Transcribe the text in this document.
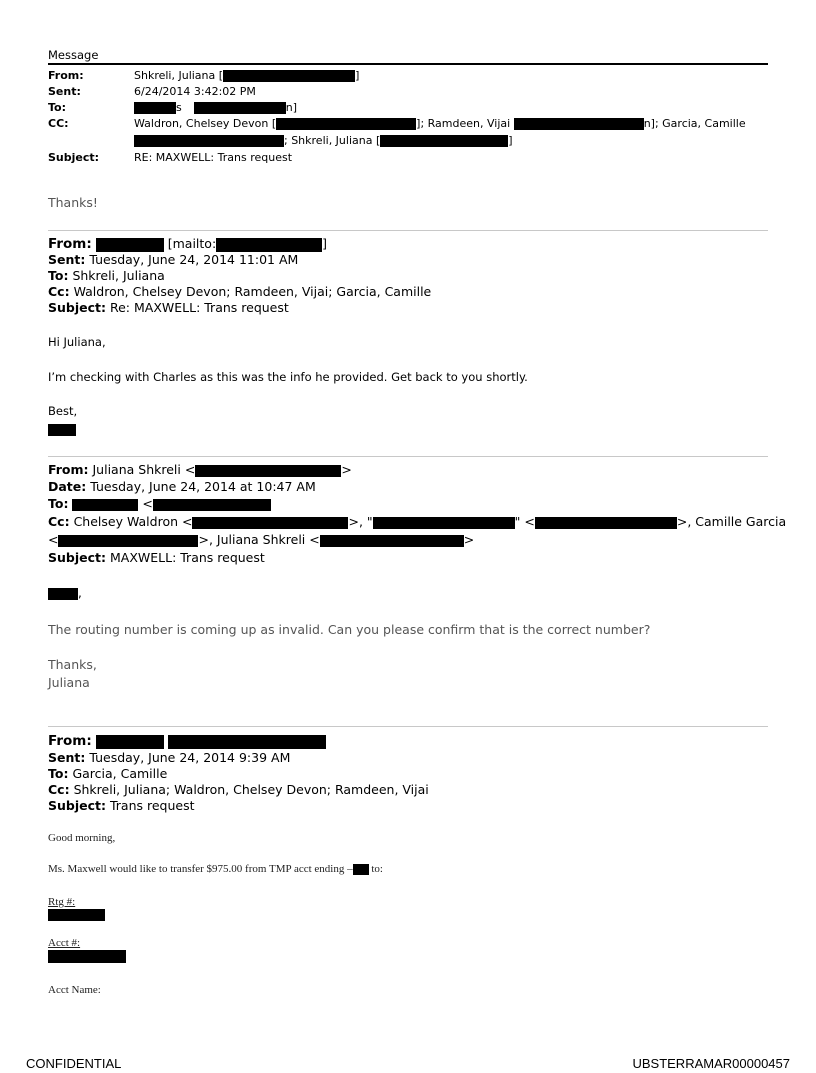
Message
From:	Shkreli, Juliana [	]
Sent:	6/24/2014 3:42:02 PM
To:	s	n]
CC:	Waldron, Chelsey Devon [	]; Ramdeen, Vijai	n]; Garcia, Camille
; Shkreli, Juliana [	]
Subject:	RE: MAXWELL: Trans request
Thanks!
From:	[mailto:	]
Sent: Tuesday, June 24, 2014 11:01 AM
To: Shkreli, Juliana
Cc: Waldron, Chelsey Devon; Ramdeen, Vijai; Garcia, Camille
Subject: Re: MAXWELL: Trans request
Hi Juliana,
I’m checking with Charles as this was the info he provided. Get back to you shortly.
Best,
From: Juliana Shkreli <	>
Date: Tuesday, June 24, 2014 at 10:47 AM
To:	<
Cc: Chelsey Waldron <	>, "	" <	>, Camille Garcia
<	>, Juliana Shkreli <	>
Subject: MAXWELL: Trans request
,
The routing number is coming up as invalid. Can you please confirm that is the correct number?
Thanks,
Juliana
From:
Sent: Tuesday, June 24, 2014 9:39 AM
To: Garcia, Camille
Cc: Shkreli, Juliana; Waldron, Chelsey Devon; Ramdeen, Vijai
Subject: Trans request
Good morning,
Ms. Maxwell would like to transfer $975.00 from TMP acct ending – to:
Rtg #:
Acct #:
Acct Name:
CONFIDENTIAL	UBSTERRAMAR00000457
